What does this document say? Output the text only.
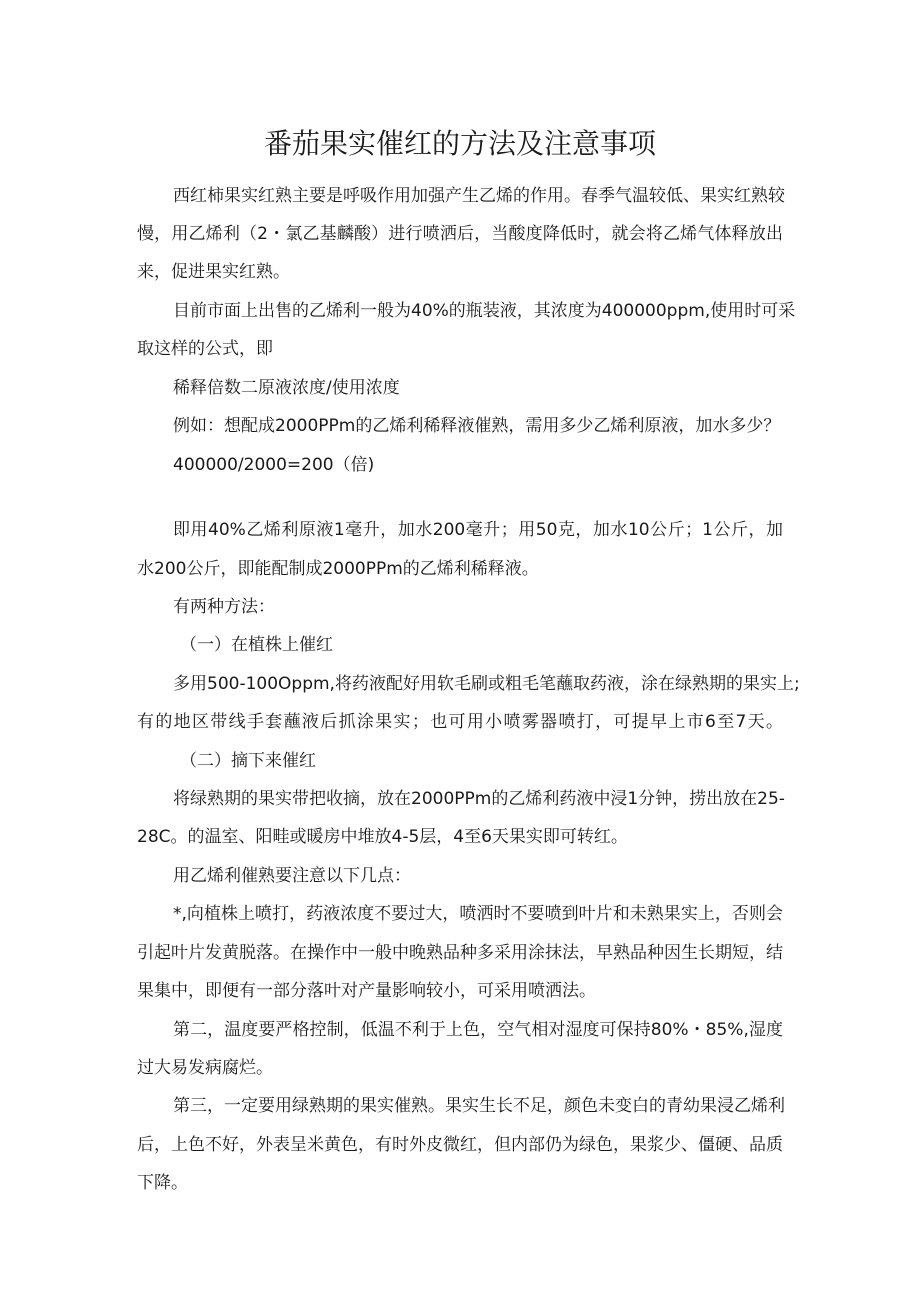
番茄果实催红的方法及注意事项
西红柿果实红熟主要是呼吸作用加强产生乙烯的作用。春季气温较低、果实红熟较
慢，用乙烯利（2・氯乙基麟酸）进行喷洒后，当酸度降低时，就会将乙烯气体释放出
来，促进果实红熟。
目前市面上出售的乙烯利一般为40%的瓶装液，其浓度为400000ppm,使用时可采
取这样的公式，即
稀释倍数二原液浓度/使用浓度
例如：想配成2000PPm的乙烯利稀释液催熟，需用多少乙烯利原液，加水多少？
400000/2000=200（倍)
即用40%乙烯利原液1毫升，加水200毫升；用50克，加水10公斤；1公斤，加
水200公斤，即能配制成2000PPm的乙烯利稀释液。
有两种方法：
（一）在植株上催红
多用500-100Oppm,将药液配好用软毛刷或粗毛笔蘸取药液，涂在绿熟期的果实上;
有的地区带线手套蘸液后抓涂果实；也可用小喷雾器喷打，可提早上市6至7天。
（二）摘下来催红
将绿熟期的果实带把收摘，放在2000PPm的乙烯利药液中浸1分钟，捞出放在25-
28C。的温室、阳畦或暖房中堆放4-5层，4至6天果实即可转红。
用乙烯利催熟要注意以下几点：
*,向植株上喷打，药液浓度不要过大，喷洒时不要喷到叶片和未熟果实上，否则会
引起叶片发黄脱落。在操作中一般中晚熟品种多采用涂抹法，早熟品种因生长期短，结
果集中，即便有一部分落叶对产量影响较小，可采用喷洒法。
第二，温度要严格控制，低温不利于上色，空气相对湿度可保持80%・85%,湿度
过大易发病腐烂。
第三，一定要用绿熟期的果实催熟。果实生长不足，颜色未变白的青幼果浸乙烯利
后，上色不好，外表呈米黄色，有时外皮微红，但内部仍为绿色，果浆少、僵硬、品质
下降。
